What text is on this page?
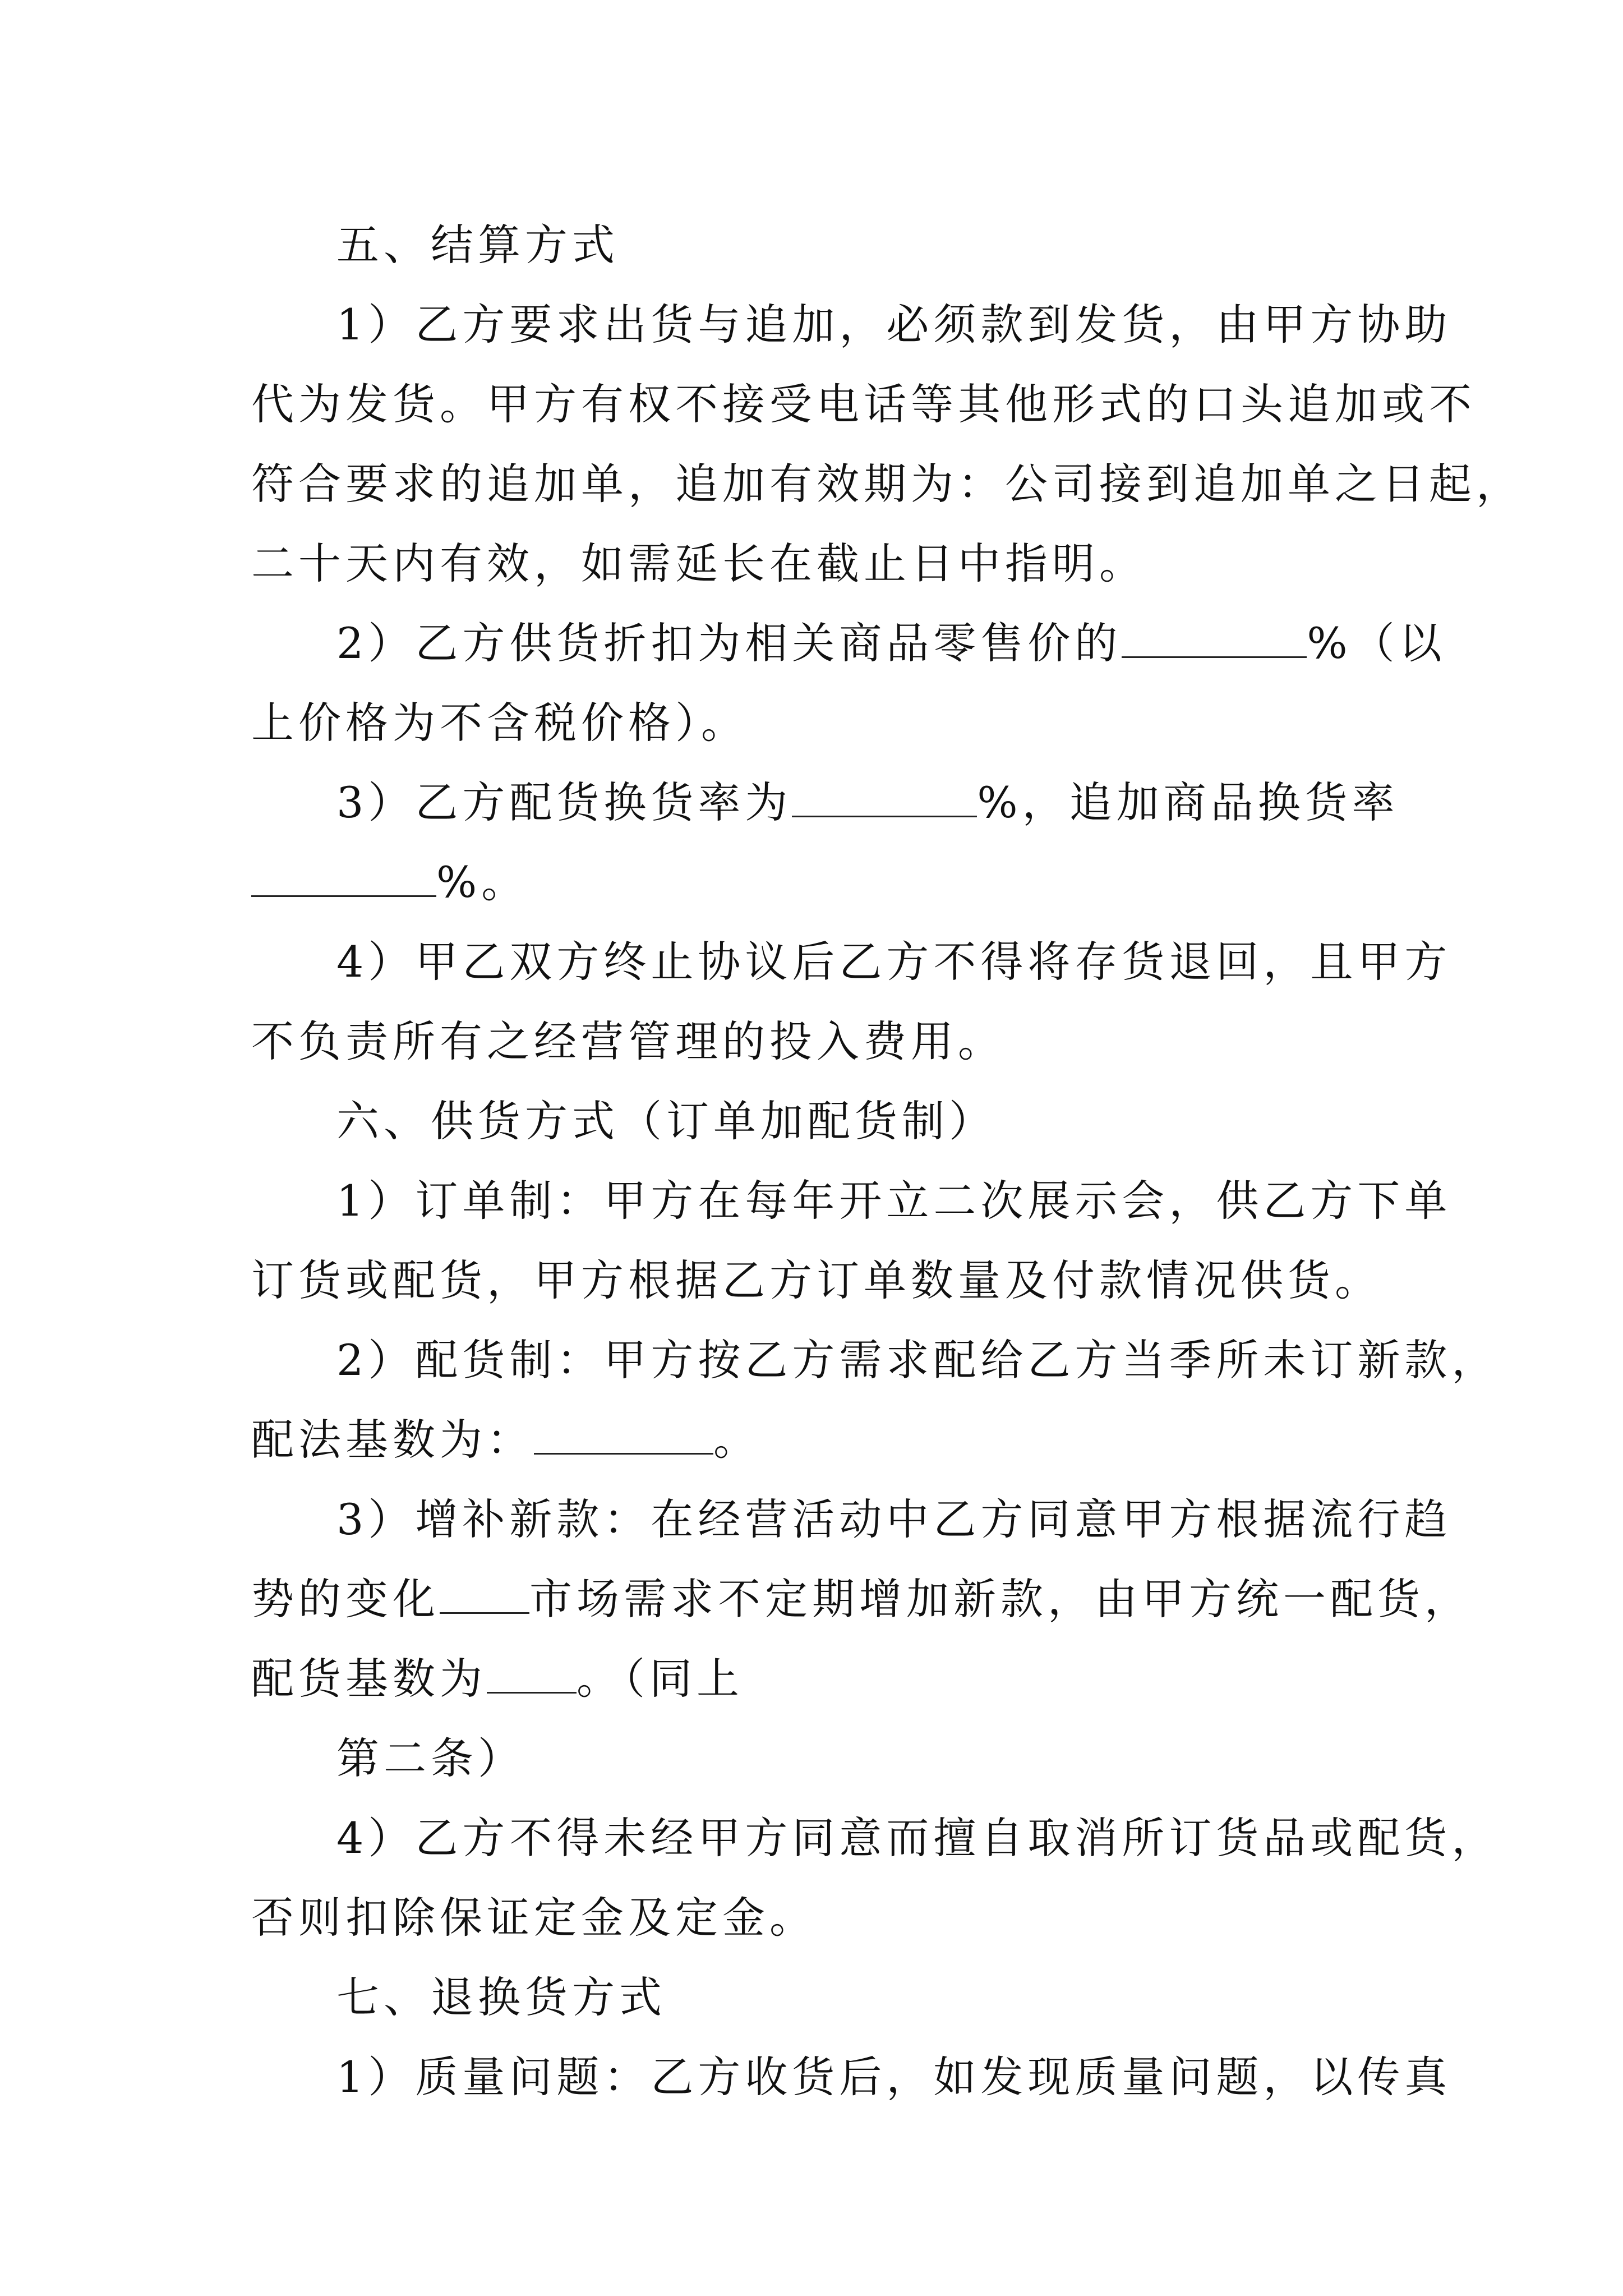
五、结算方式
1）乙方要求出货与追加，必须款到发货，由甲方协助
代为发货。甲方有权不接受电话等其他形式的口头追加或不
符合要求的追加单，追加有效期为：公司接到追加单之日起，
二十天内有效，如需延长在截止日中指明。
2）乙方供货折扣为相关商品零售价的	%（以
上价格为不含税价格）。
3）乙方配货换货率为	%，追加商品换货率
%。
4）甲乙双方终止协议后乙方不得将存货退回，且甲方
不负责所有之经营管理的投入费用。
六、供货方式（订单加配货制）
1）订单制：甲方在每年开立二次展示会，供乙方下单
订货或配货，甲方根据乙方订单数量及付款情况供货。
2）配货制：甲方按乙方需求配给乙方当季所未订新款，
配法基数为：	。
3）增补新款：在经营活动中乙方同意甲方根据流行趋
势的变化 市场需求不定期增加新款，由甲方统一配货，
配货基数为 。（同上
第二条）
4）乙方不得未经甲方同意而擅自取消所订货品或配货，
否则扣除保证定金及定金。
七、退换货方式
1）质量问题：乙方收货后，如发现质量问题，以传真
